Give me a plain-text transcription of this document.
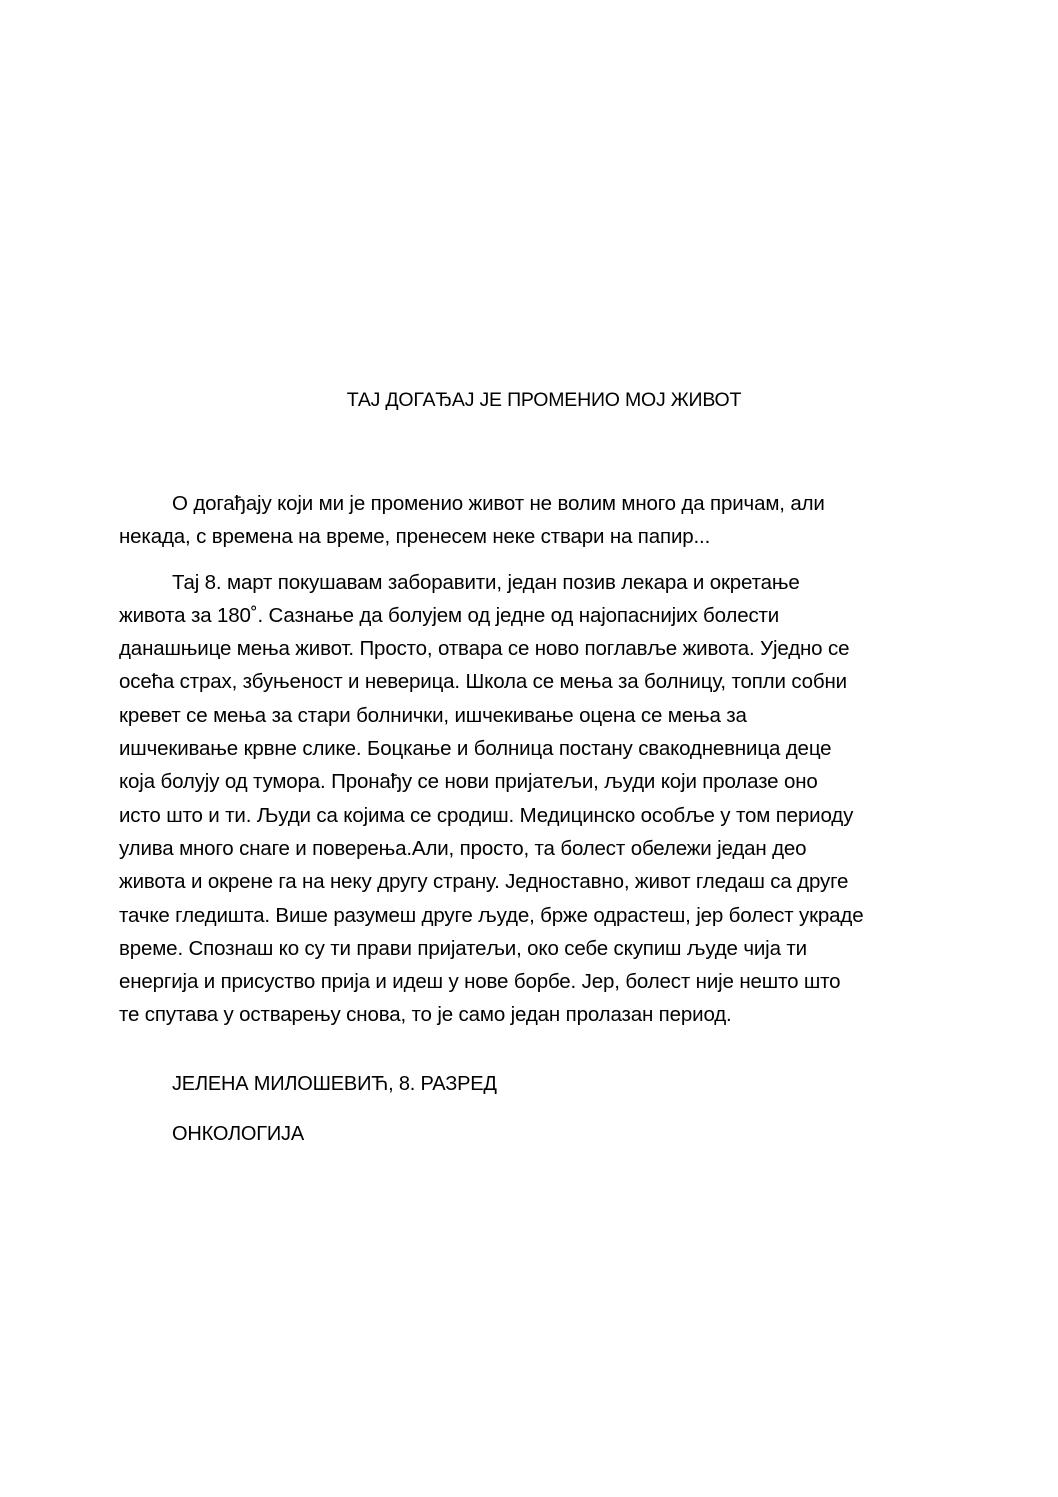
ТАЈ ДОГАЂАЈ ЈЕ ПРОМЕНИО МОЈ ЖИВОТ

О догађају који ми је променио живот не волим много да причам, али
некада, с времена на време, пренесем неке ствари на папир...

Тај 8. март покушавам заборавити, један позив лекара и окретање
живота за 180˚. Сазнање да болујем од једне од најопаснијих болести
данашњице мења живот. Просто, отвара се ново поглавље живота. Уједно се
осећа страх, збуњеност и неверица. Школа се мења за болницу, топли собни
кревет се мења за стари болнички, ишчекивање оцена се мења за
ишчекивање крвне слике. Боцкање и болница постану свакодневница деце
која болују од тумора. Пронађу се нови пријатељи, људи који пролазе оно
исто што и ти. Људи са којима се сродиш. Медицинско особље у том периоду
улива много снаге и поверења.Али, просто, та болест обележи један део
живота и окрене га на неку другу страну. Једноставно, живот гледаш са друге
тачке гледишта. Више разумеш друге људе, брже одрастеш, јер болест украде
време. Спознаш ко су ти прави пријатељи, око себе скупиш људе чија ти
енергија и присуство прија и идеш у нове борбе. Јер, болест није нешто што
те спутава у остварењу снова, то је само један пролазан период.

ЈЕЛЕНА МИЛОШЕВИЋ, 8. РАЗРЕД
ОНКОЛОГИЈА
